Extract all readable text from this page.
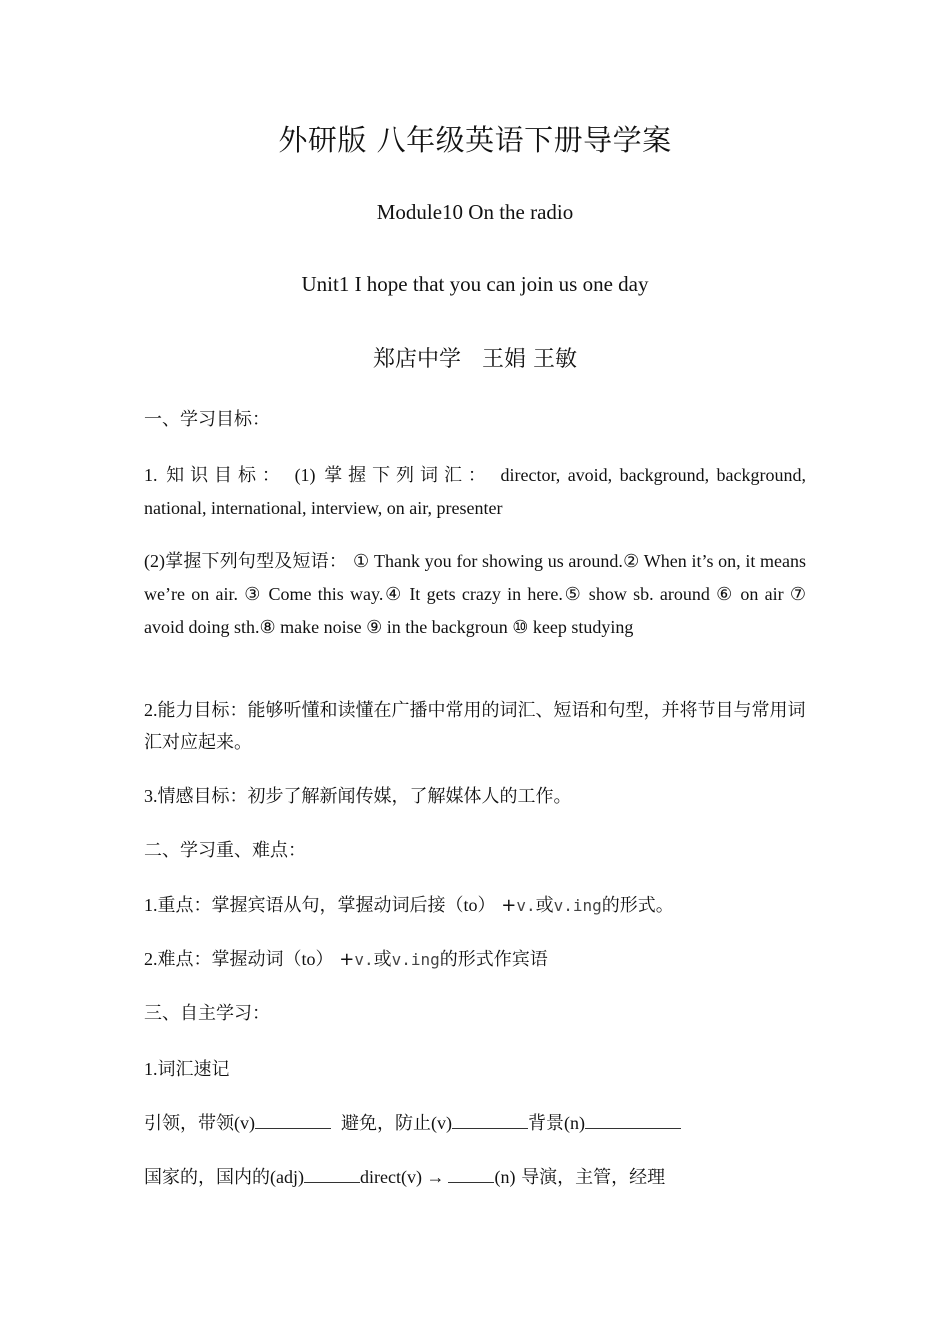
外研版 八年级英语下册导学案
Module10 On the radio
Unit1 I hope that you can join us one day
郑店中学 王娟 王敏
一、学习目标：
1. 知识目标： (1) 掌握下列词汇： director, avoid, background, background, national, international, interview, on air, presenter
(2)掌握下列句型及短语： ① Thank you for showing us around.② When it’s on, it means we’re on air. ③ Come this way.④ It gets crazy in here.⑤ show sb. around ⑥ on air ⑦ avoid doing sth.⑧ make noise ⑨ in the backgroun ⑩ keep studying
2.能力目标：能够听懂和读懂在广播中常用的词汇、短语和句型，并将节目与常用词汇对应起来。
3.情感目标：初步了解新闻传媒，了解媒体人的工作。
二、学习重、难点：
1.重点：掌握宾语从句，掌握动词后接（to） +v.或v.ing的形式。
2.难点：掌握动词（to） +v.或v.ing的形式作宾语
三、自主学习：
1.词汇速记
引领，带领(v)	避免，防止(v)	背景(n)
国家的，国内的(adj)	direct(v) →	(n) 导演，主管，经理
